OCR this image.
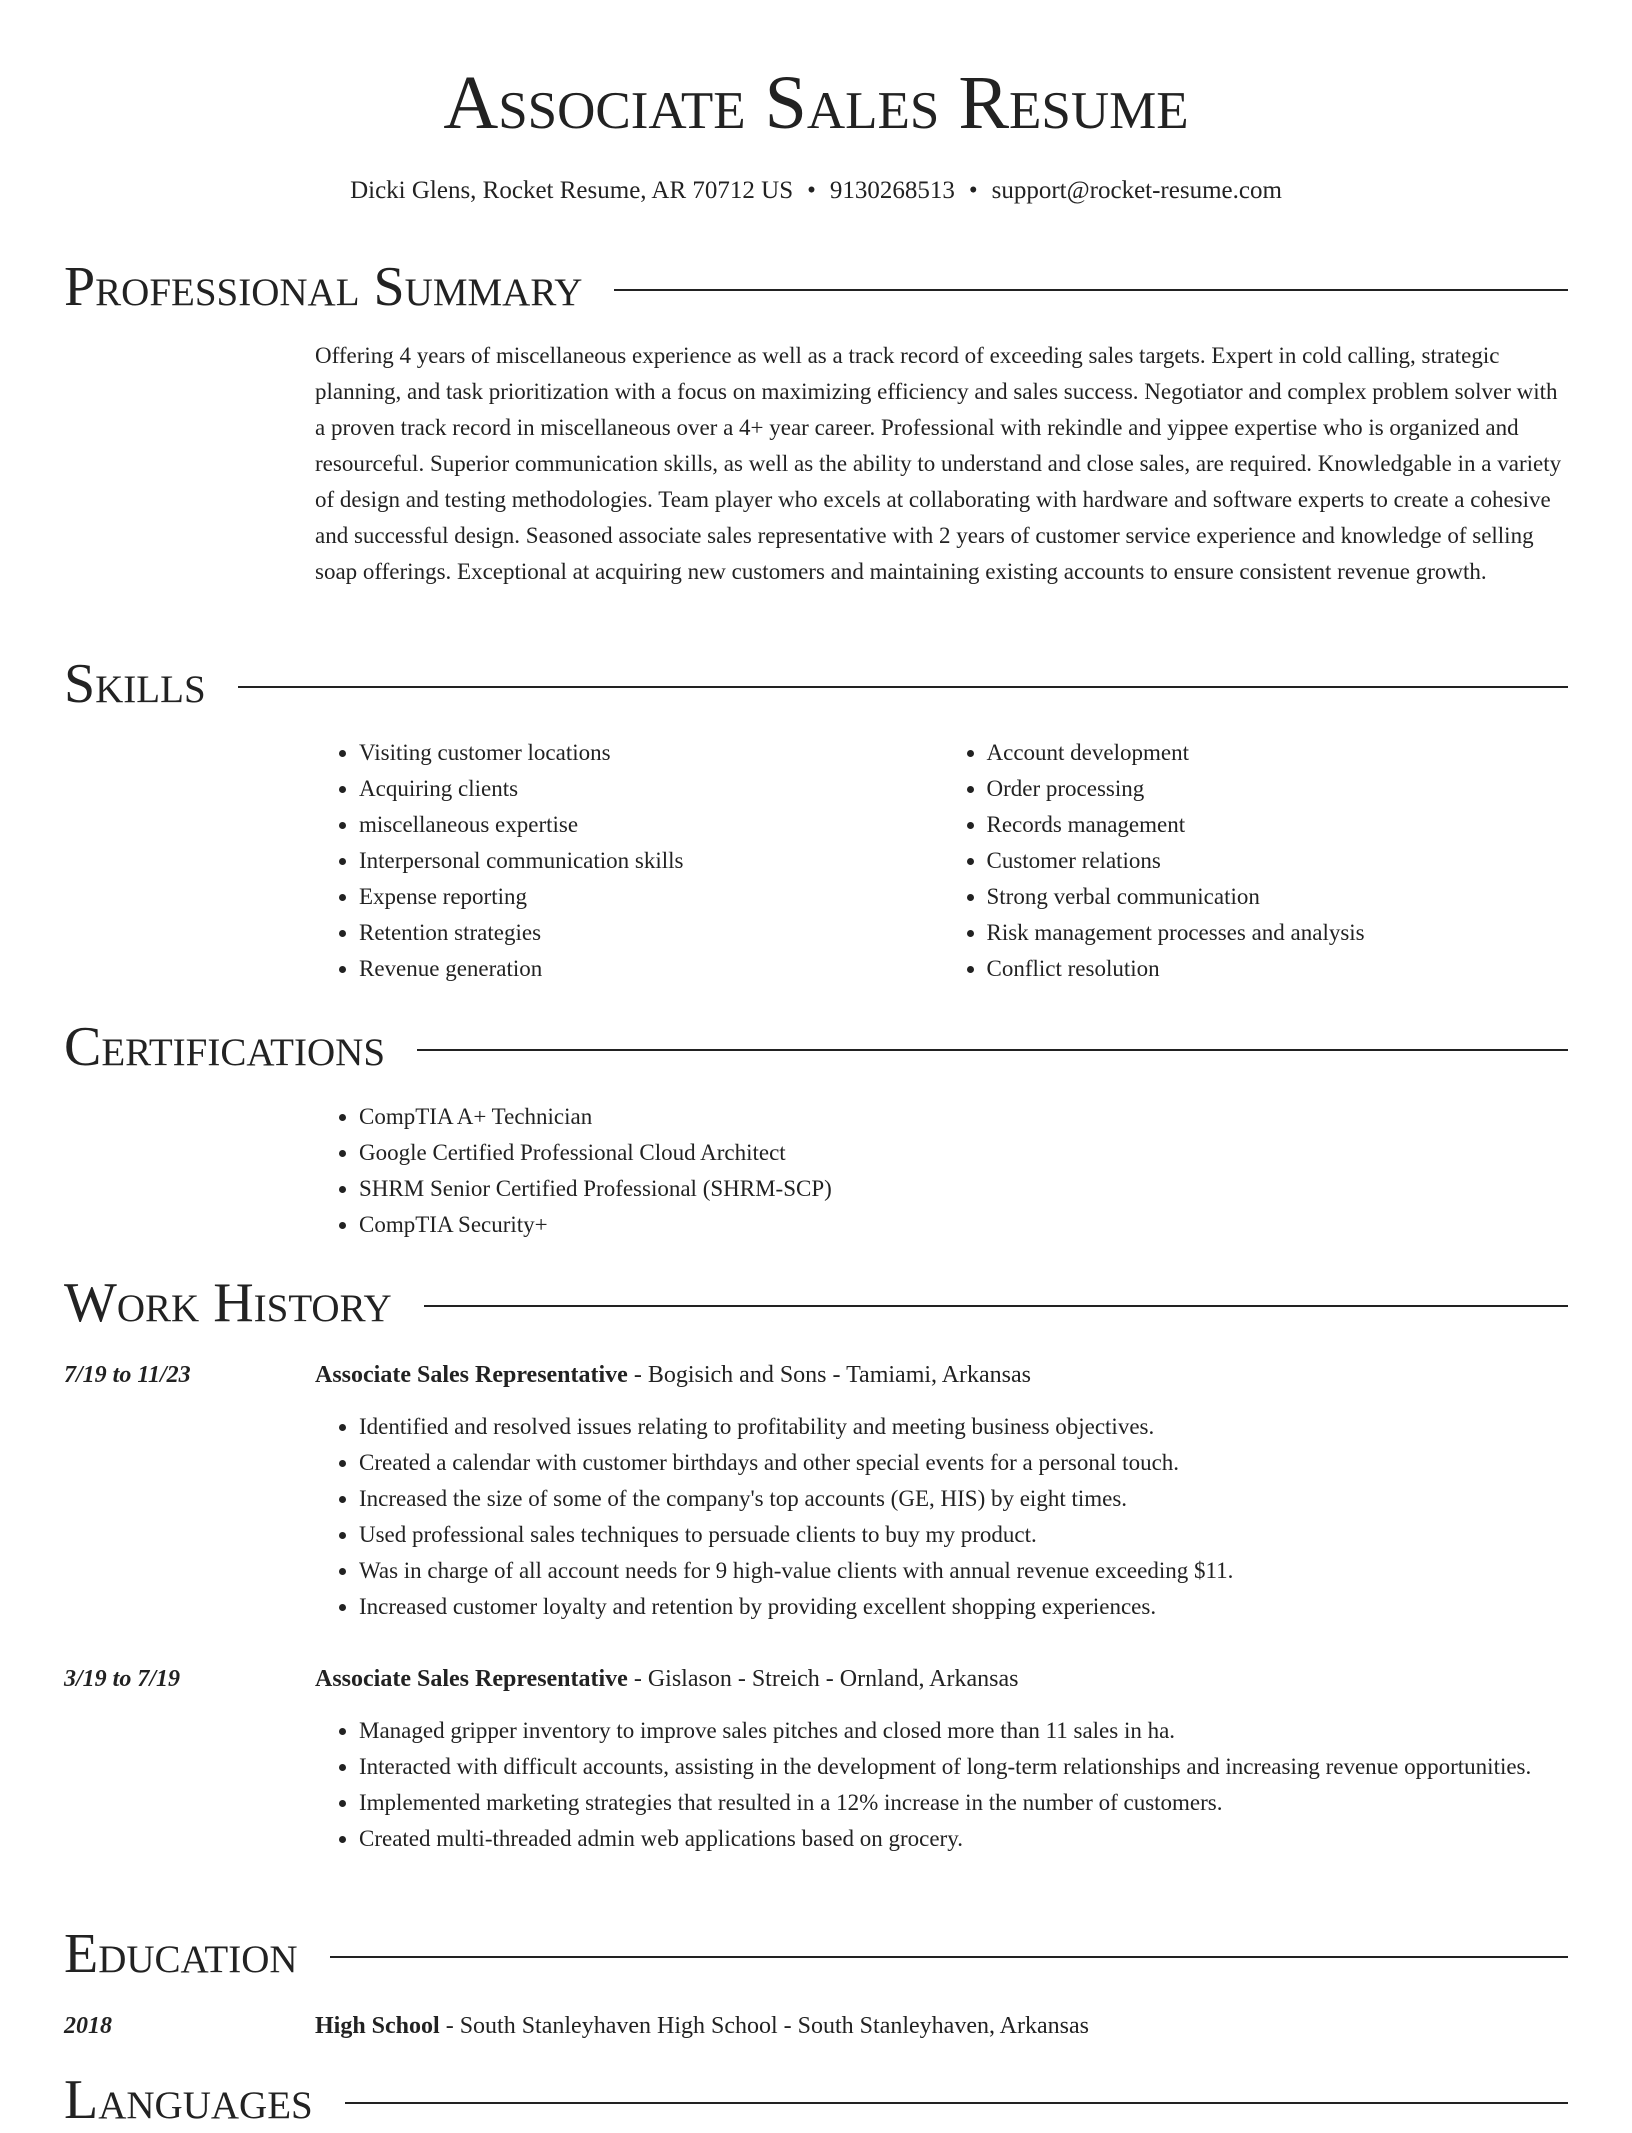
Associate Sales Resume
Dicki Glens, Rocket Resume, AR 70712 US • 9130268513 • support@rocket-resume.com
Professional Summary

Offering 4 years of miscellaneous experience as well as a track record of exceeding sales targets. Expert in cold calling, strategic planning, and task prioritization with a focus on maximizing efficiency and sales success. Negotiator and complex problem solver with a proven track record in miscellaneous over a 4+ year career. Professional with rekindle and yippee expertise who is organized and resourceful. Superior communication skills, as well as the ability to understand and close sales, are required. Knowledgable in a variety of design and testing methodologies. Team player who excels at collaborating with hardware and software experts to create a cohesive and successful design. Seasoned associate sales representative with 2 years of customer service experience and knowledge of selling soap offerings. Exceptional at acquiring new customers and maintaining existing accounts to ensure consistent revenue growth.

Skills
• Visiting customer locations
• Acquiring clients
• miscellaneous expertise
• Interpersonal communication skills
• Expense reporting
• Retention strategies
• Revenue generation
• Account development
• Order processing
• Records management
• Customer relations
• Strong verbal communication
• Risk management processes and analysis
• Conflict resolution
Certifications
• CompTIA A+ Technician
• Google Certified Professional Cloud Architect
• SHRM Senior Certified Professional (SHRM-SCP)
• CompTIA Security+
Work History
7/19 to 11/23	Associate Sales Representative - Bogisich and Sons - Tamiami, Arkansas
• Identified and resolved issues relating to profitability and meeting business objectives.
• Created a calendar with customer birthdays and other special events for a personal touch.
• Increased the size of some of the company's top accounts (GE, HIS) by eight times.
• Used professional sales techniques to persuade clients to buy my product.
• Was in charge of all account needs for 9 high-value clients with annual revenue exceeding $11.
• Increased customer loyalty and retention by providing excellent shopping experiences.
3/19 to 7/19	Associate Sales Representative - Gislason - Streich - Ornland, Arkansas
• Managed gripper inventory to improve sales pitches and closed more than 11 sales in ha.
• Interacted with difficult accounts, assisting in the development of long-term relationships and increasing revenue opportunities.
• Implemented marketing strategies that resulted in a 12% increase in the number of customers.
• Created multi-threaded admin web applications based on grocery.
Education
2018	High School - South Stanleyhaven High School - South Stanleyhaven, Arkansas
Languages
